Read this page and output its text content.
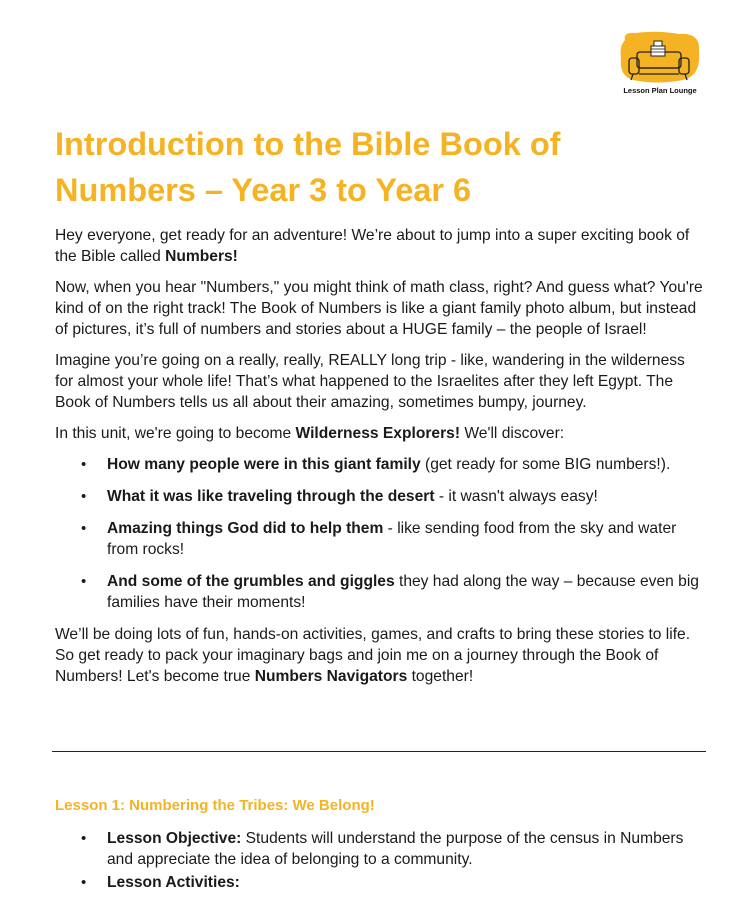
Lesson Plan Lounge
Introduction to the Bible Book of Numbers – Year 3 to Year 6

Hey everyone, get ready for an adventure! We’re about to jump into a super exciting book of the Bible called Numbers!

Now, when you hear "Numbers," you might think of math class, right? And guess what? You're kind of on the right track! The Book of Numbers is like a giant family photo album, but instead of pictures, it’s full of numbers and stories about a HUGE family – the people of Israel!

Imagine you’re going on a really, really, REALLY long trip - like, wandering in the wilderness for almost your whole life! That’s what happened to the Israelites after they left Egypt. The Book of Numbers tells us all about their amazing, sometimes bumpy, journey.

In this unit, we're going to become Wilderness Explorers! We'll discover:

• How many people were in this giant family (get ready for some BIG numbers!).
• What it was like traveling through the desert - it wasn't always easy!
• Amazing things God did to help them - like sending food from the sky and water from rocks!
• And some of the grumbles and giggles they had along the way – because even big families have their moments!

We’ll be doing lots of fun, hands-on activities, games, and crafts to bring these stories to life. So get ready to pack your imaginary bags and join me on a journey through the Book of Numbers! Let's become true Numbers Navigators together!

Lesson 1: Numbering the Tribes: We Belong!
• Lesson Objective: Students will understand the purpose of the census in Numbers and appreciate the idea of belonging to a community.
• Lesson Activities:
